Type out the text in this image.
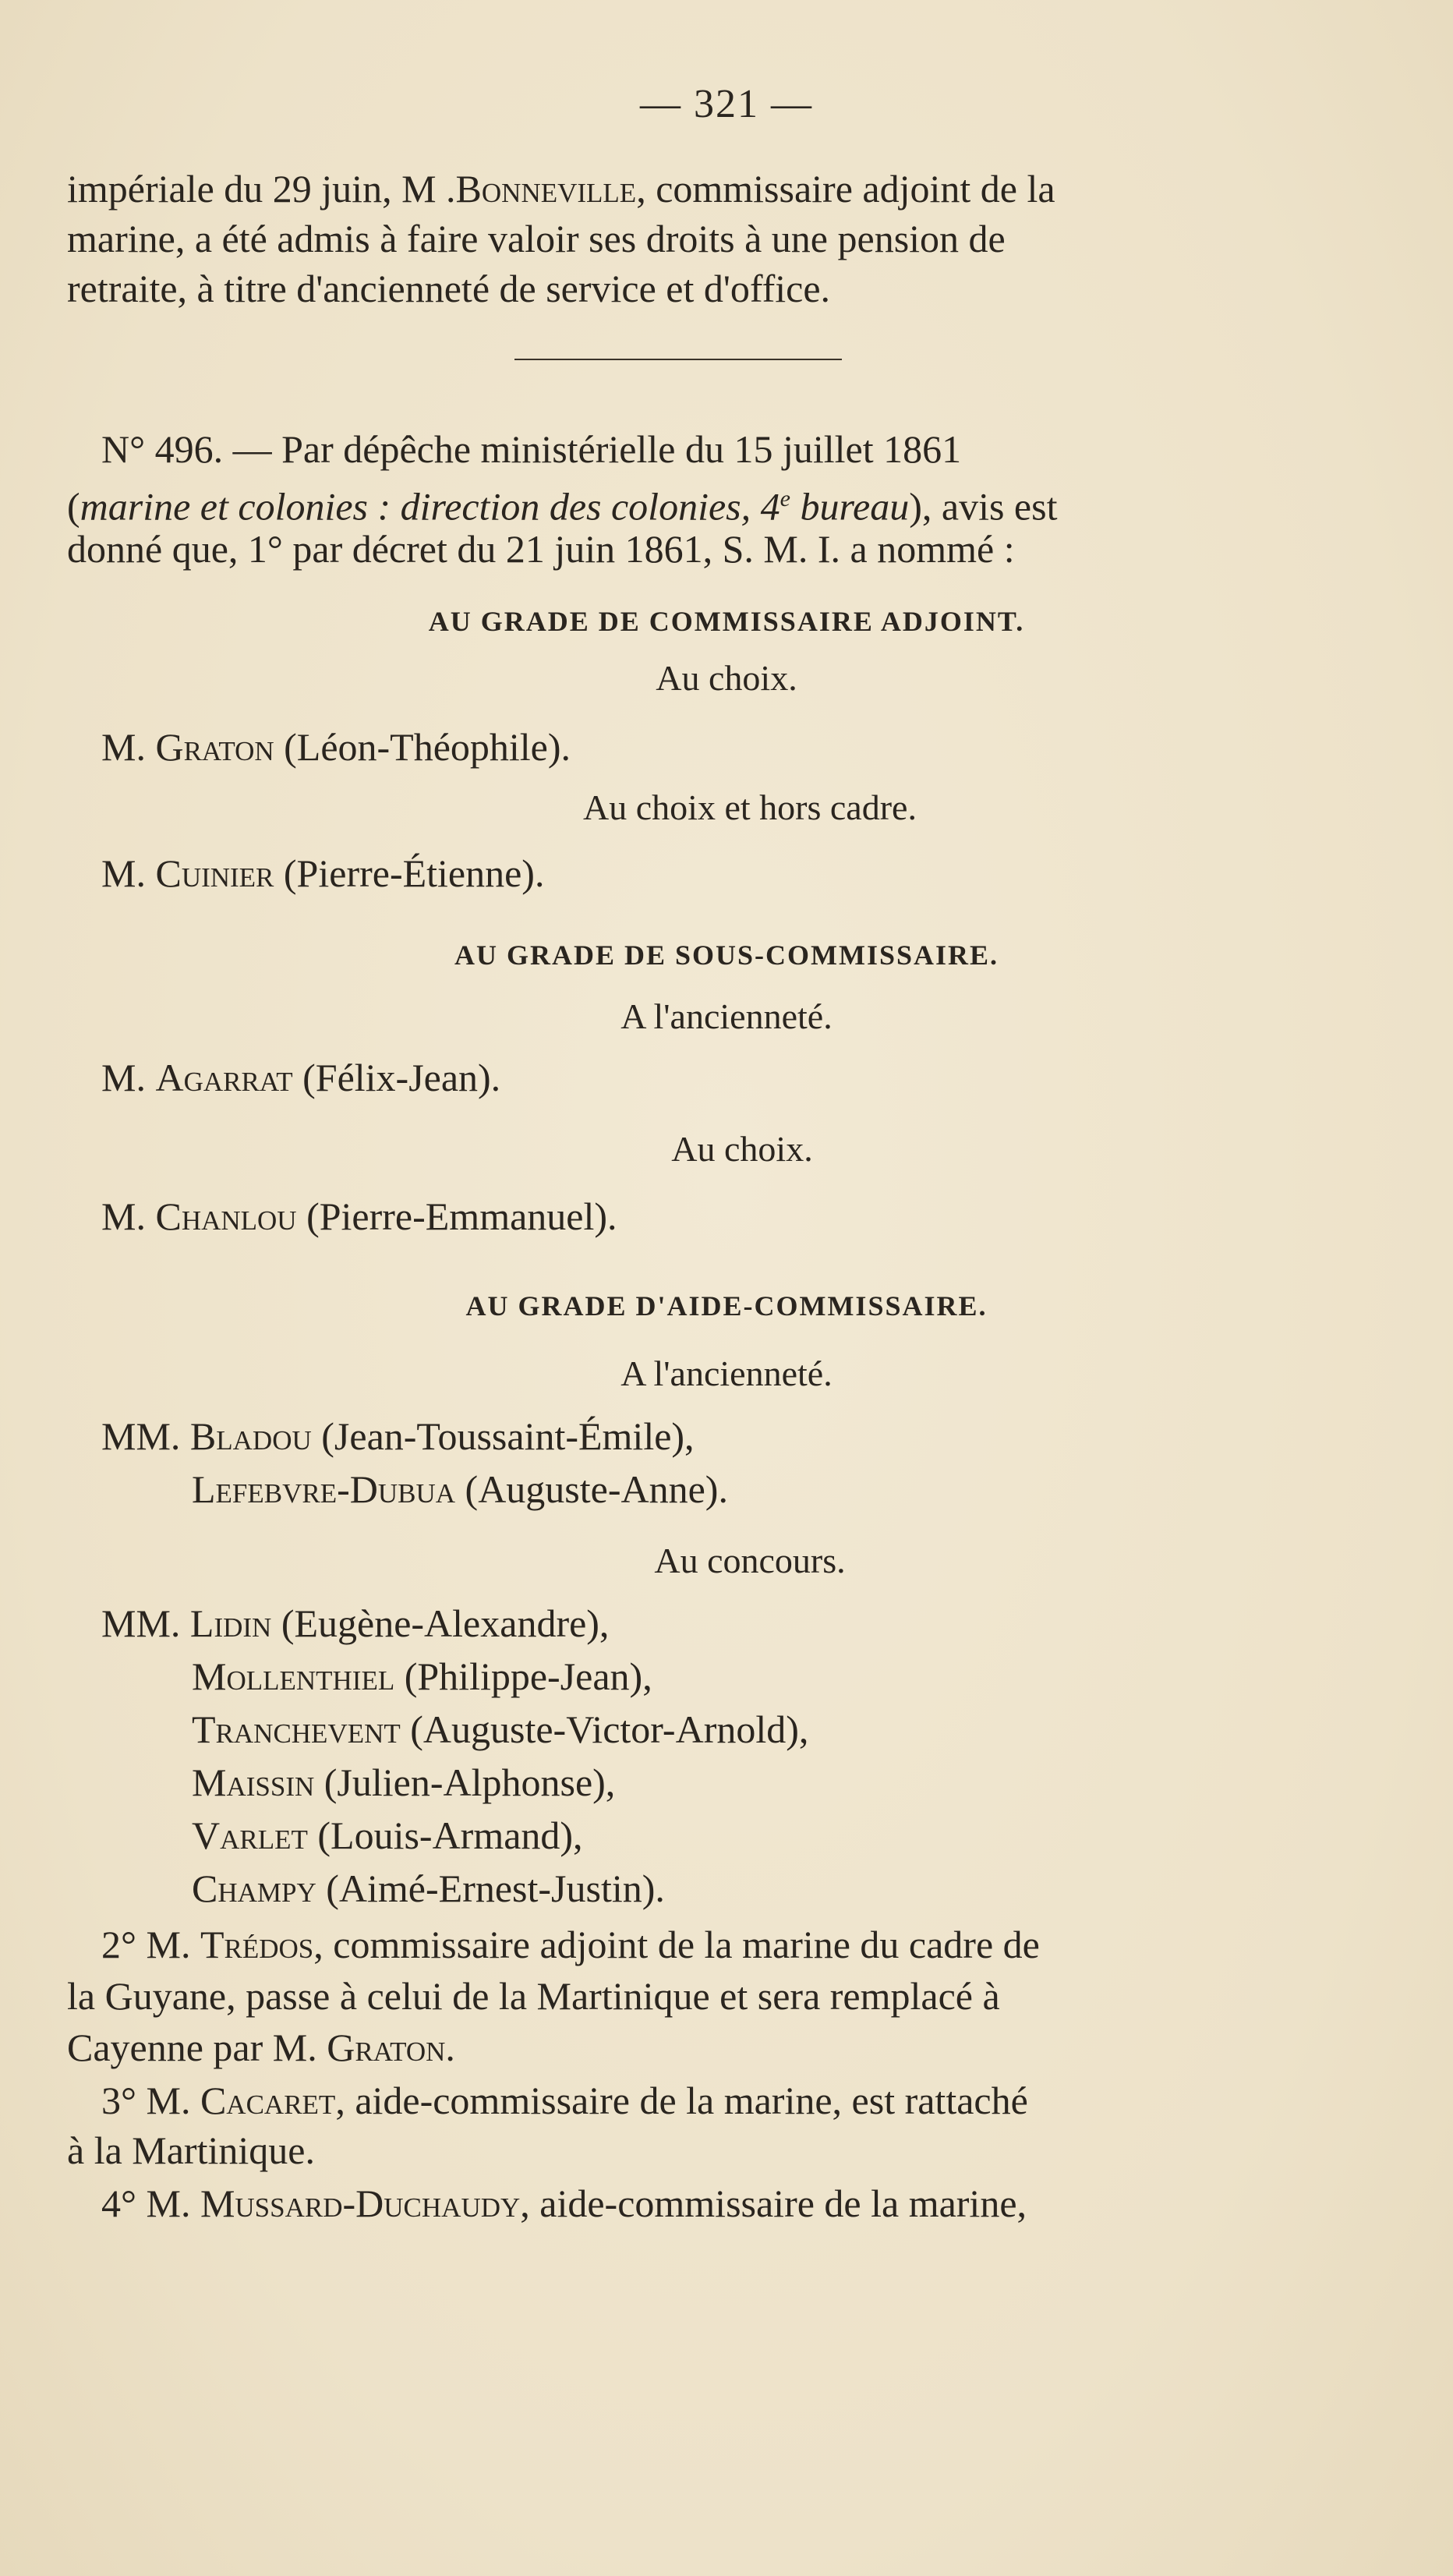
— 321 —
impériale du 29 juin, M .Bonneville, commissaire adjoint de la
marine, a été admis à faire valoir ses droits à une pension de
retraite, à titre d'ancienneté de service et d'office.
N° 496. — Par dépêche ministérielle du 15 juillet 1861
(marine et colonies : direction des colonies, 4e bureau), avis est
donné que, 1° par décret du 21 juin 1861, S. M. I. a nommé :
AU GRADE DE COMMISSAIRE ADJOINT.
Au choix.
M. Graton (Léon-Théophile).
Au choix et hors cadre.
M. Cuinier (Pierre-Étienne).
AU GRADE DE SOUS-COMMISSAIRE.
A l'ancienneté.
M. Agarrat (Félix-Jean).
Au choix.
M. Chanlou (Pierre-Emmanuel).
AU GRADE D'AIDE-COMMISSAIRE.
A l'ancienneté.
MM. Bladou (Jean-Toussaint-Émile),
Lefebvre-Dubua (Auguste-Anne).
Au concours.
MM. Lidin (Eugène-Alexandre),
Mollenthiel (Philippe-Jean),
Tranchevent (Auguste-Victor-Arnold),
Maissin (Julien-Alphonse),
Varlet (Louis-Armand),
Champy (Aimé-Ernest-Justin).
2° M. Trédos, commissaire adjoint de la marine du cadre de
la Guyane, passe à celui de la Martinique et sera remplacé à
Cayenne par M. Graton.
3° M. Cacaret, aide-commissaire de la marine, est rattaché
à la Martinique.
4° M. Mussard-Duchaudy, aide-commissaire de la marine,
